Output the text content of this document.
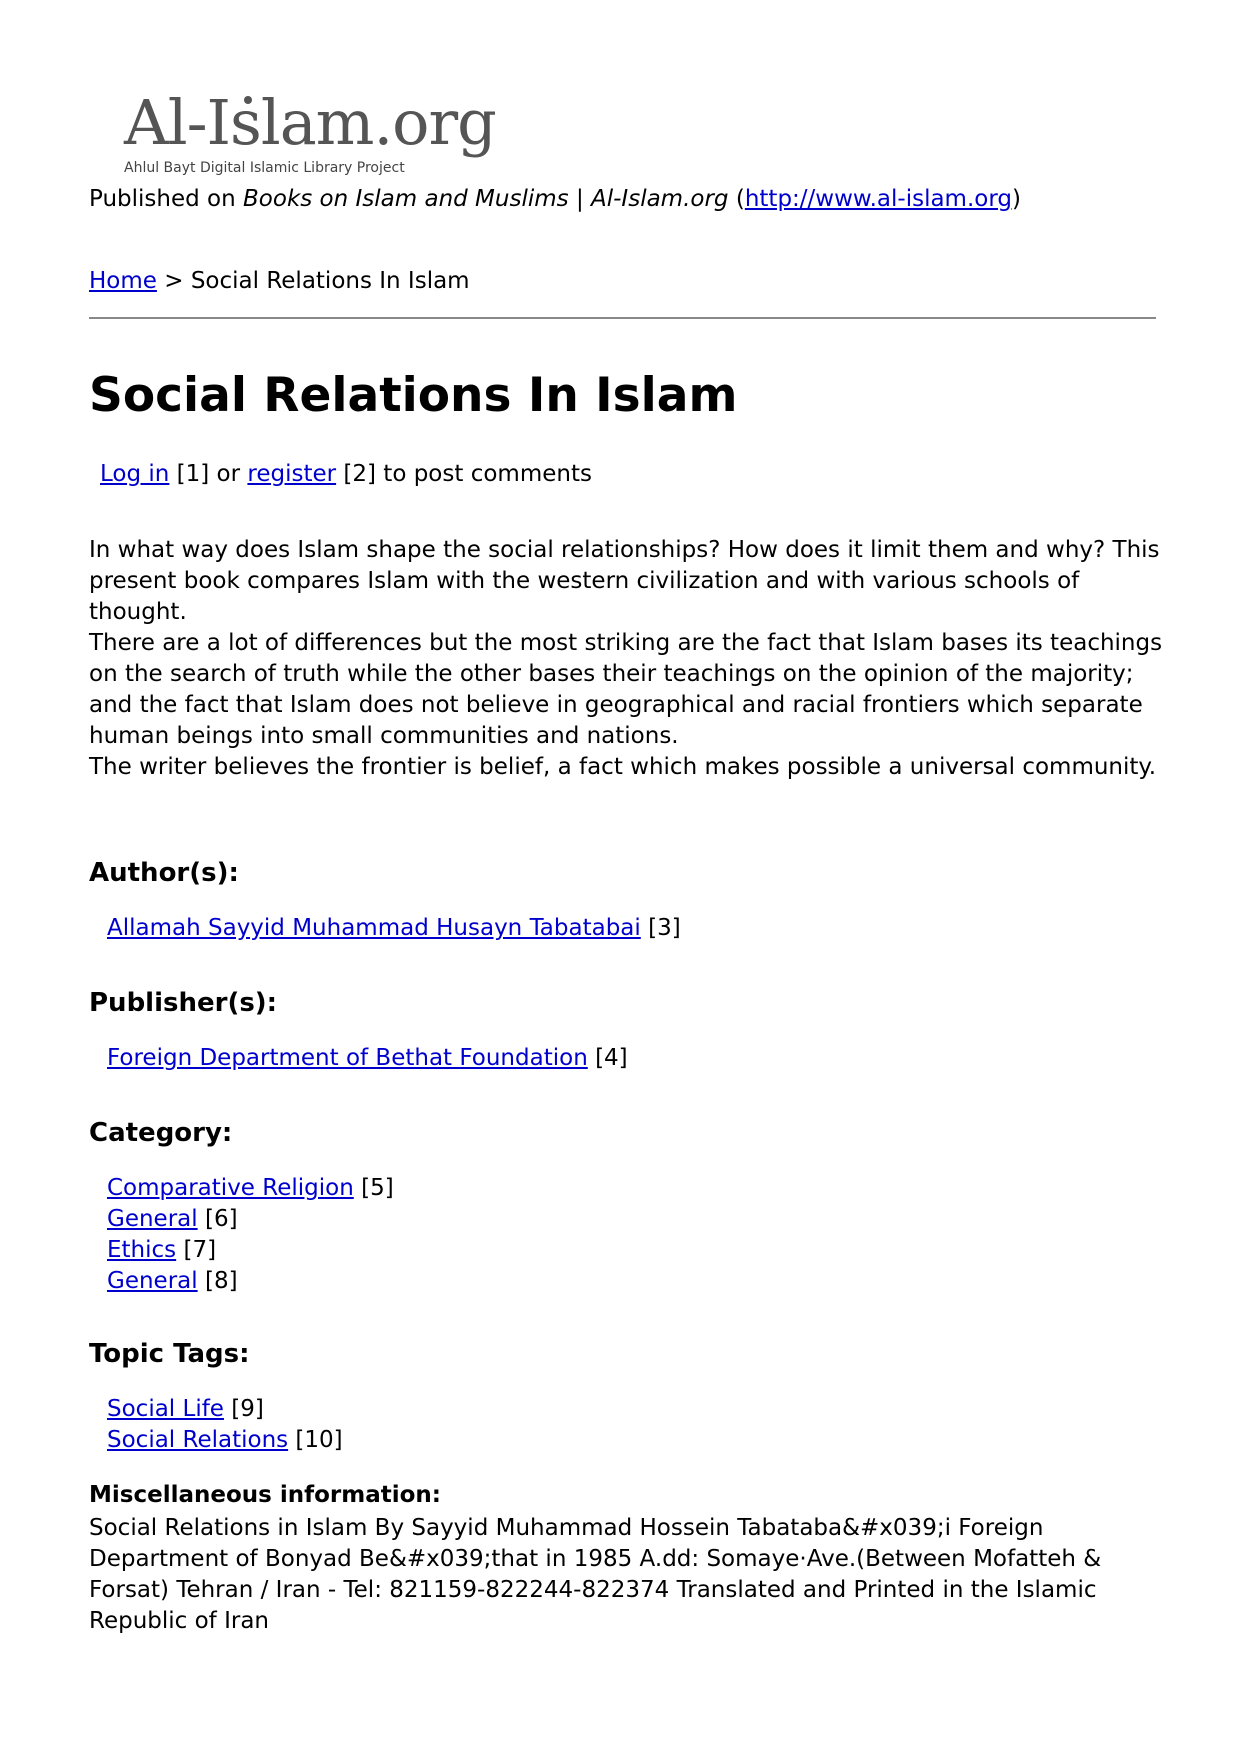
Al-Islam.org
Ahlul Bayt Digital Islamic Library Project
Published on Books on Islam and Muslims | Al-Islam.org (http://www.al-islam.org)
Home > Social Relations In Islam
Social Relations In Islam
Log in [1] or register [2] to post comments

In what way does Islam shape the social relationships? How does it limit them and why? This present book compares Islam with the western civilization and with various schools of thought.

There are a lot of differences but the most striking are the fact that Islam bases its teachings on the search of truth while the other bases their teachings on the opinion of the majority; and the fact that Islam does not believe in geographical and racial frontiers which separate human beings into small communities and nations.

The writer believes the frontier is belief, a fact which makes possible a universal community.

Author(s):
Allamah Sayyid Muhammad Husayn Tabatabai [3]
Publisher(s):
Foreign Department of Bethat Foundation [4]
Category:
Comparative Religion [5]
General [6]
Ethics [7]
General [8]
Topic Tags:
Social Life [9]
Social Relations [10]
Miscellaneous information:
Social Relations in Islam By Sayyid Muhammad Hossein Tabataba&#x039;i Foreign Department of Bonyad Be&#x039;that in 1985 A.dd: Somaye·Ave.(Between Mofatteh & Forsat) Tehran / Iran - Tel: 821159-822244-822374 Translated and Printed in the Islamic Republic of Iran
